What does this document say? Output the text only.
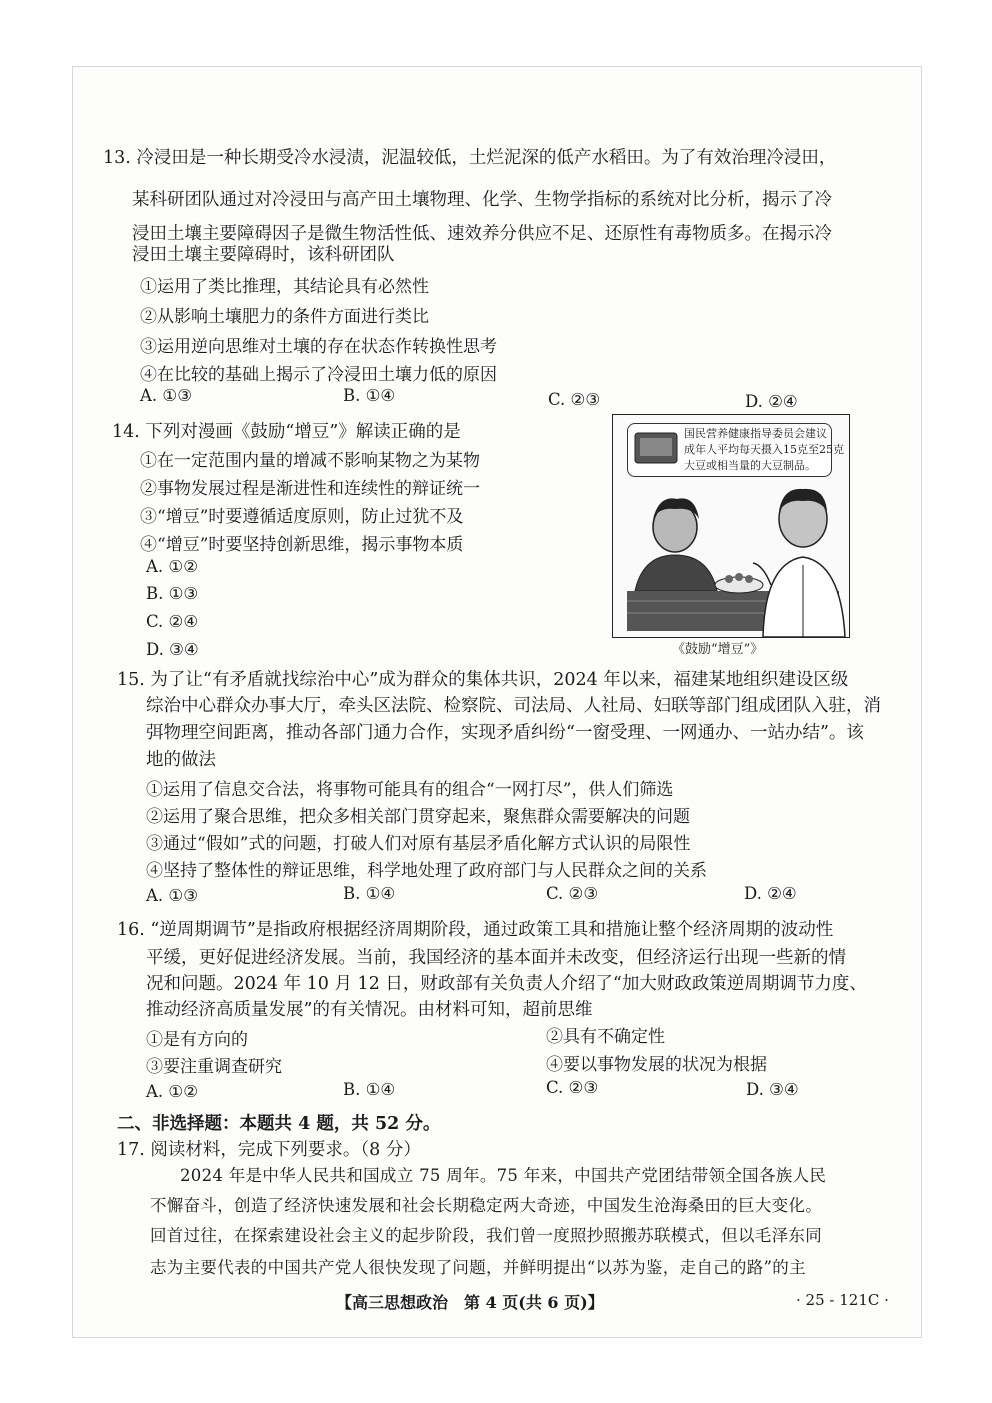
13. 冷浸田是一种长期受冷水浸渍，泥温较低，土烂泥深的低产水稻田。为了有效治理冷浸田，
某科研团队通过对冷浸田与高产田土壤物理、化学、生物学指标的系统对比分析，揭示了冷
浸田土壤主要障碍因子是微生物活性低、速效养分供应不足、还原性有毒物质多。在揭示冷
浸田土壤主要障碍时，该科研团队
①运用了类比推理，其结论具有必然性
②从影响土壤肥力的条件方面进行类比
③运用逆向思维对土壤的存在状态作转换性思考
④在比较的基础上揭示了冷浸田土壤力低的原因
A. ①③	B. ①④	C. ②③	D. ②④
14. 下列对漫画《鼓励“增豆”》解读正确的是
①在一定范围内量的增减不影响某物之为某物
②事物发展过程是渐进性和连续性的辩证统一
③“增豆”时要遵循适度原则，防止过犹不及
④“增豆”时要坚持创新思维，揭示事物本质
A. ①②
B. ①③
C. ②④
D. ③④
国民营养健康指导委员会建议
成年人平均每天摄入15克至25克
大豆或相当量的大豆制品。
《鼓励“增豆”》
15. 为了让“有矛盾就找综治中心”成为群众的集体共识，2024 年以来，福建某地组织建设区级
综治中心群众办事大厅，牵头区法院、检察院、司法局、人社局、妇联等部门组成团队入驻，消
弭物理空间距离，推动各部门通力合作，实现矛盾纠纷“一窗受理、一网通办、一站办结”。该
地的做法
①运用了信息交合法，将事物可能具有的组合“一网打尽”，供人们筛选
②运用了聚合思维，把众多相关部门贯穿起来，聚焦群众需要解决的问题
③通过“假如”式的问题，打破人们对原有基层矛盾化解方式认识的局限性
④坚持了整体性的辩证思维，科学地处理了政府部门与人民群众之间的关系
A. ①③	B. ①④	C. ②③	D. ②④
16. “逆周期调节”是指政府根据经济周期阶段，通过政策工具和措施让整个经济周期的波动性
平缓，更好促进经济发展。当前，我国经济的基本面并未改变，但经济运行出现一些新的情
况和问题。2024 年 10 月 12 日，财政部有关负责人介绍了“加大财政政策逆周期调节力度、
推动经济高质量发展”的有关情况。由材料可知，超前思维
①是有方向的	②具有不确定性
③要注重调查研究	④要以事物发展的状况为根据
A. ①②	B. ①④	C. ②③	D. ③④
二、非选择题：本题共 4 题，共 52 分。
17. 阅读材料，完成下列要求。（8 分）
2024 年是中华人民共和国成立 75 周年。75 年来，中国共产党团结带领全国各族人民
不懈奋斗，创造了经济快速发展和社会长期稳定两大奇迹，中国发生沧海桑田的巨大变化。
回首过往，在探索建设社会主义的起步阶段，我们曾一度照抄照搬苏联模式，但以毛泽东同
志为主要代表的中国共产党人很快发现了问题，并鲜明提出“以苏为鉴，走自己的路”的主
【高三思想政治　第 4 页(共 6 页)】	· 25 - 121C ·
